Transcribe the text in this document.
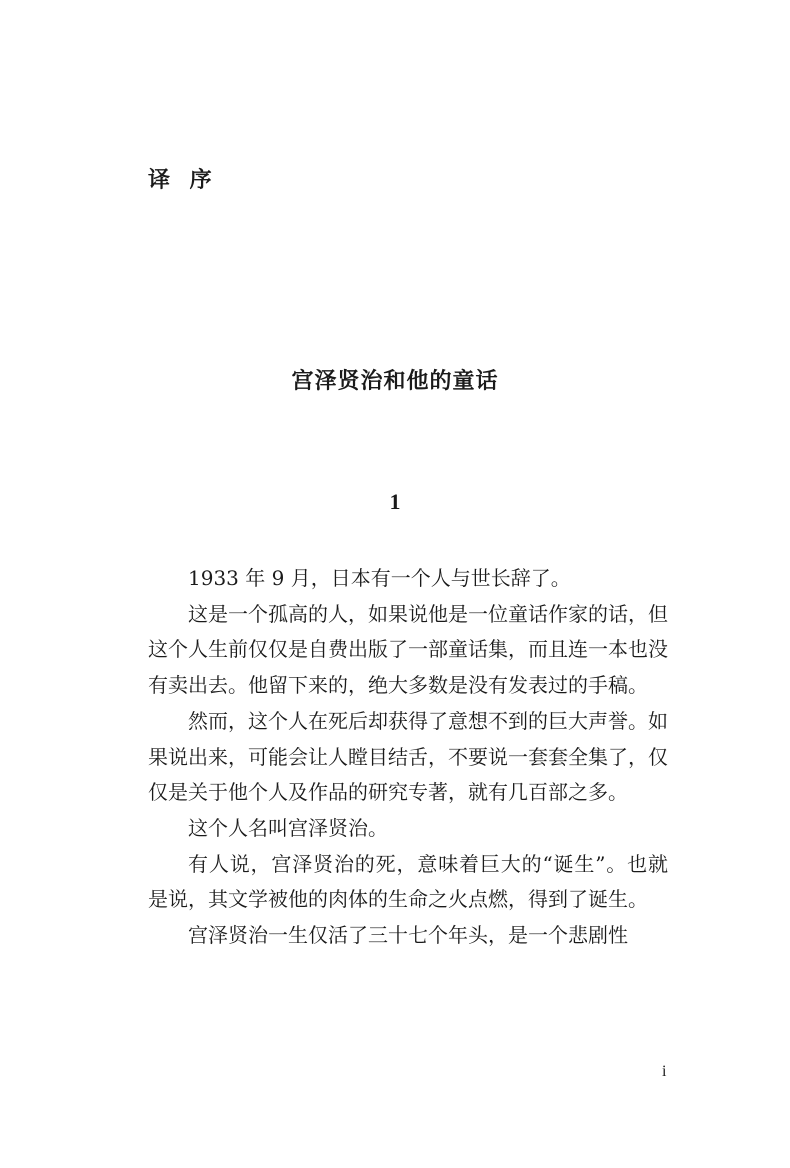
译 序
宫泽贤治和他的童话
1

1933 年 9 月，日本有一个人与世长辞了。

这是一个孤高的人，如果说他是一位童话作家的话，但这个人生前仅仅是自费出版了一部童话集，而且连一本也没有卖出去。他留下来的，绝大多数是没有发表过的手稿。

然而，这个人在死后却获得了意想不到的巨大声誉。如果说出来，可能会让人瞠目结舌，不要说一套套全集了，仅仅是关于他个人及作品的研究专著，就有几百部之多。

这个人名叫宫泽贤治。

有人说，宫泽贤治的死，意味着巨大的“诞生”。也就是说，其文学被他的肉体的生命之火点燃，得到了诞生。

宫泽贤治一生仅活了三十七个年头，是一个悲剧性

i
